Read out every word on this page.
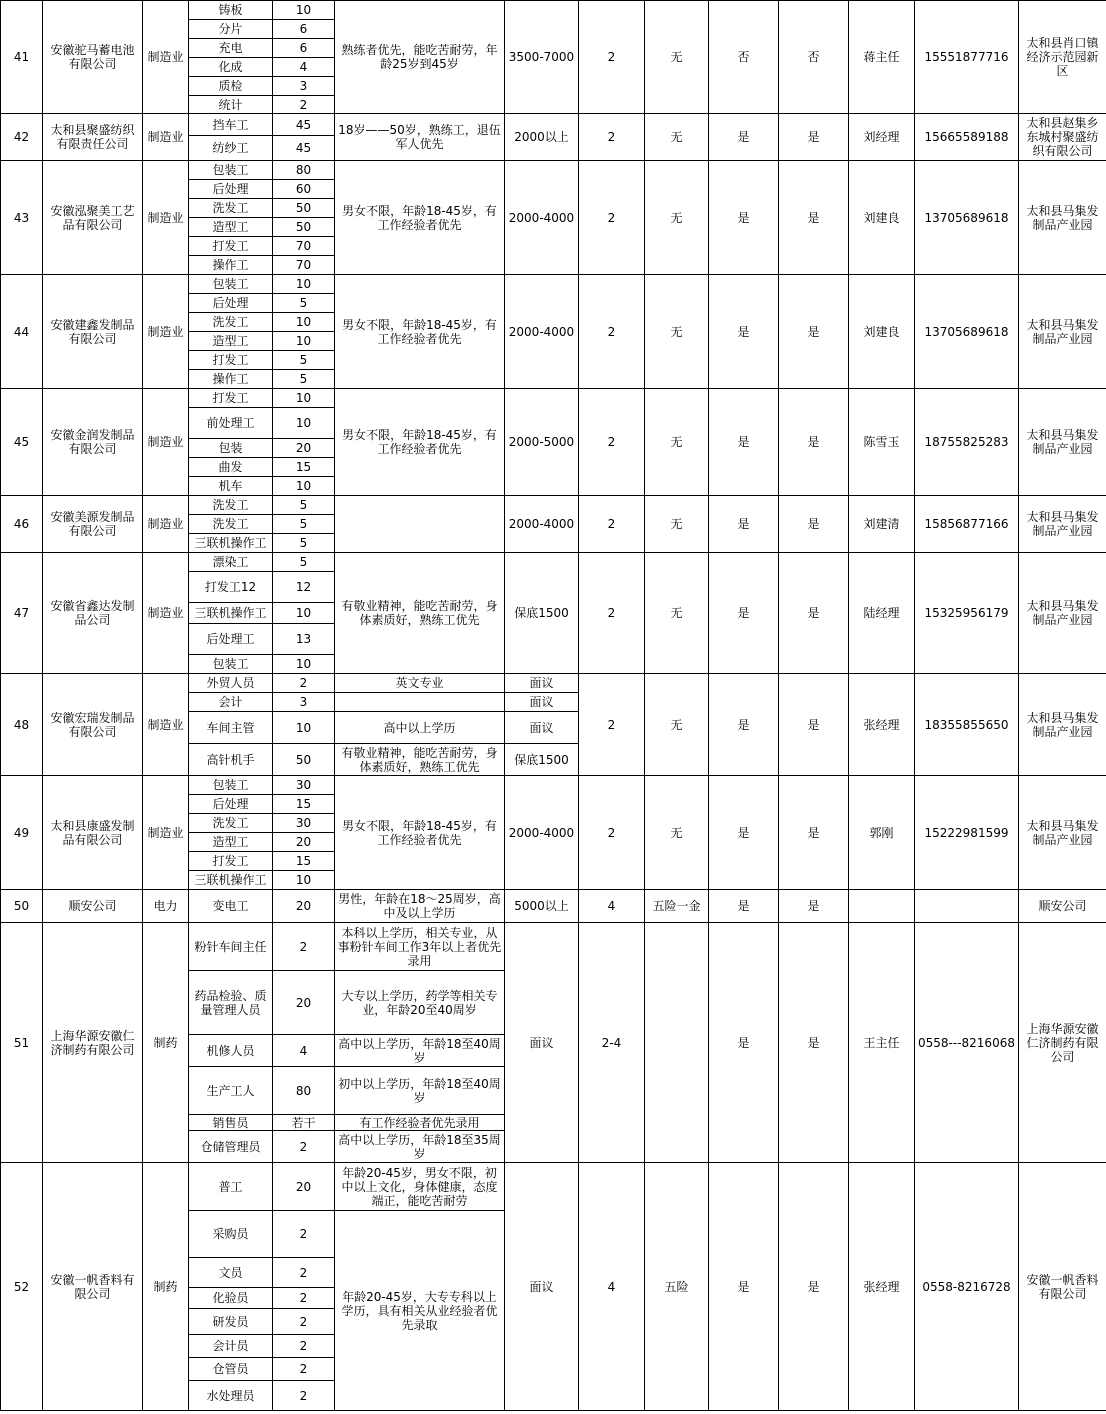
41	安徽驼马蓄电池有限公司	制造业	铸板	10	熟练者优先，能吃苦耐劳，年龄25岁到45岁	3500-7000	2	无	否	否	蒋主任	15551877716	太和县肖口镇经济示范园新区
			分片	6									
			充电	6									
			化成	4									
			质检	3									
			统计	2									
42	太和县聚盛纺织有限责任公司	制造业	挡车工	45	18岁——50岁，熟练工，退伍军人优先	2000以上	2	无	是	是	刘经理	15665589188	太和县赵集乡东城村聚盛纺织有限公司
			纺纱工	45									
43	安徽泓聚美工艺品有限公司	制造业	包装工	80	男女不限，年龄18-45岁，有工作经验者优先	2000-4000	2	无	是	是	刘建良	13705689618	太和县马集发制品产业园
			后处理	60									
			洗发工	50									
			造型工	50									
			打发工	70									
			操作工	70									
44	安徽建鑫发制品有限公司	制造业	包装工	10	男女不限，年龄18-45岁，有工作经验者优先	2000-4000	2	无	是	是	刘建良	13705689618	太和县马集发制品产业园
			后处理	5									
			洗发工	10									
			造型工	10									
			打发工	5									
			操作工	5									
45	安徽金润发制品有限公司	制造业	打发工	10	男女不限，年龄18-45岁，有工作经验者优先	2000-5000	2	无	是	是	陈雪玉	18755825283	太和县马集发制品产业园
			前处理工	10									
			包装	20									
			曲发	15									
			机车	10									
46	安徽美源发制品有限公司	制造业	洗发工	5		2000-4000	2	无	是	是	刘建清	15856877166	太和县马集发制品产业园
			洗发工	5									
			三联机操作工	5									
47	安徽省鑫达发制品公司	制造业	漂染工	5	有敬业精神，能吃苦耐劳，身体素质好，熟练工优先	保底1500	2	无	是	是	陆经理	15325956179	太和县马集发制品产业园
			打发工12	12									
			三联机操作工	10									
			后处理工	13									
			包装工	10									
48	安徽宏瑞发制品有限公司	制造业	外贸人员	2	英文专业	面议	2	无	是	是	张经理	18355855650	太和县马集发制品产业园
			会计	3		面议							
			车间主管	10	高中以上学历	面议							
			高针机手	50	有敬业精神，能吃苦耐劳，身体素质好，熟练工优先	保底1500							
49	太和县康盛发制品有限公司	制造业	包装工	30	男女不限，年龄18-45岁，有工作经验者优先	2000-4000	2	无	是	是	郭刚	15222981599	太和县马集发制品产业园
			后处理	15									
			洗发工	30									
			造型工	20									
			打发工	15									
			三联机操作工	10									
50	顺安公司	电力	变电工	20	男性，年龄在18～25周岁，高中及以上学历	5000以上	4	五险一金	是	是			顺安公司
51	上海华源安徽仁济制药有限公司	制药	粉针车间主任	2	本科以上学历，相关专业，从事粉针车间工作3年以上者优先录用	面议	2-4		是	是	王主任	0558---8216068	上海华源安徽仁济制药有限公司
			药品检验、质量管理人员	20	大专以上学历，药学等相关专业，年龄20至40周岁								
			机修人员	4	高中以上学历，年龄18至40周岁								
			生产工人	80	初中以上学历，年龄18至40周岁								
			销售员	若干	有工作经验者优先录用								
			仓储管理员	2	高中以上学历，年龄18至35周岁								
52	安徽一帆香料有限公司	制药	普工	20	年龄20-45岁，男女不限，初中以上文化，身体健康，态度端正，能吃苦耐劳	面议	4	五险	是	是	张经理	0558-8216728	安徽一帆香料有限公司
			采购员	2	年龄20-45岁，大专专科以上学历，具有相关从业经验者优先录取								
			文员	2									
			化验员	2									
			研发员	2									
			会计员	2									
			仓管员	2									
			水处理员	2									
